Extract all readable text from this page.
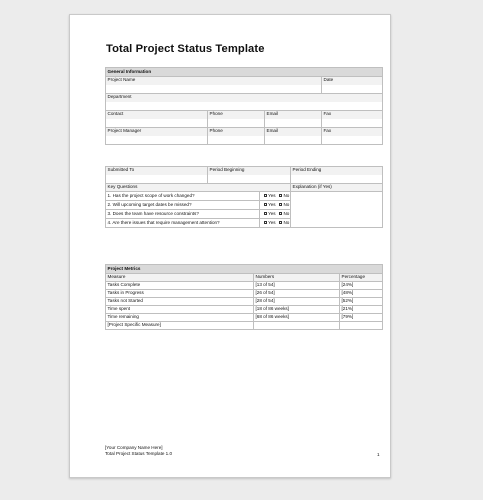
Total Project Status Template
General Information			
Project Name			Date

Department			

Contact	Phone	Email	Fax

Project Manager	Phone	Email	Fax

Submitted To	Period Beginning		Period Ending

Key Questions			Explanation (if Yes)
1. Has the project scope of work changed?		Yes No	
2. Will upcoming target dates be missed?		Yes No	
3. Does the team have resource constraints?		Yes No	
4. Are there issues that require management attention?		Yes No	
Project Metrics		
Measure	Numbers	Percentage
Tasks Complete	[13 of 54]	[24%]
Tasks in Progress	[26 of 54]	[48%]
Tasks not Started	[28 of 54]	[52%]
Time spent	[18 of 86 weeks]	[21%]
Time remaining	[68 of 86 weeks]	[79%]
[Project Specific Measure]		
[Your Company Name Here]
Total Project Status Template 1.0	1
